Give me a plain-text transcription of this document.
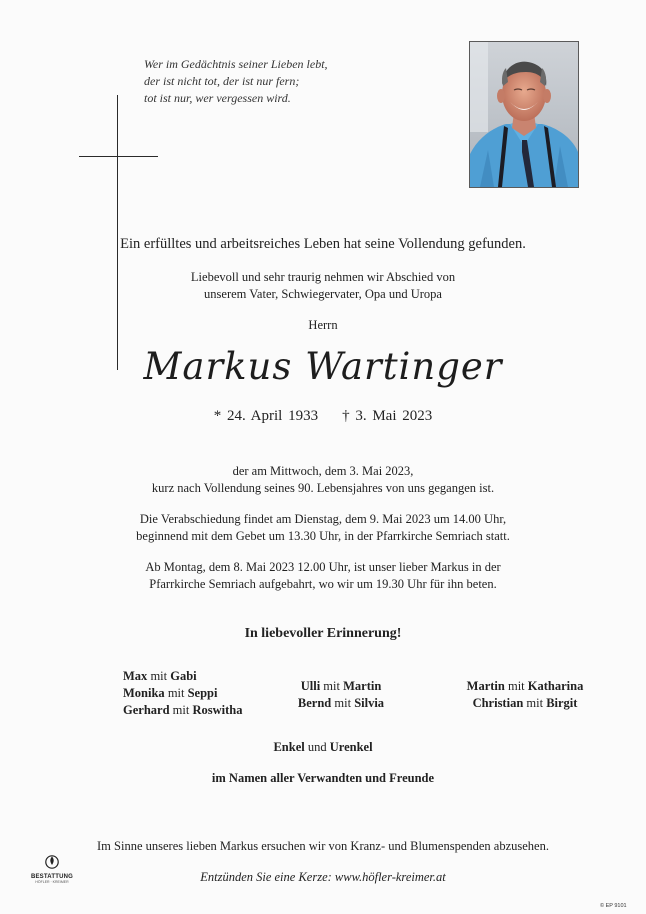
Wer im Gedächtnis seiner Lieben lebt,
der ist nicht tot, der ist nur fern;
tot ist nur, wer vergessen wird.
Ein erfülltes und arbeitsreiches Leben hat seine Vollendung gefunden.
Liebevoll und sehr traurig nehmen wir Abschied von
unserem Vater, Schwiegervater, Opa und Uropa
Herrn
Markus Wartinger
* 24. April 1933 † 3. Mai 2023
der am Mittwoch, dem 3. Mai 2023,
kurz nach Vollendung seines 90. Lebensjahres von uns gegangen ist.
Die Verabschiedung findet am Dienstag, dem 9. Mai 2023 um 14.00 Uhr,
beginnend mit dem Gebet um 13.30 Uhr, in der Pfarrkirche Semriach statt.
Ab Montag, dem 8. Mai 2023 12.00 Uhr, ist unser lieber Markus in der
Pfarrkirche Semriach aufgebahrt, wo wir um 19.30 Uhr für ihn beten.
In liebevoller Erinnerung!
Max mit Gabi
Monika mit Seppi
Gerhard mit Roswitha
Ulli mit Martin
Bernd mit Silvia
Martin mit Katharina
Christian mit Birgit
Enkel und Urenkel
im Namen aller Verwandten und Freunde
Im Sinne unseres lieben Markus ersuchen wir von Kranz- und Blumenspenden abzusehen.
Entzünden Sie eine Kerze: www.höfler-kreimer.at
BESTATTUNG
HÖFLER · KREIMER
© EP 9101
